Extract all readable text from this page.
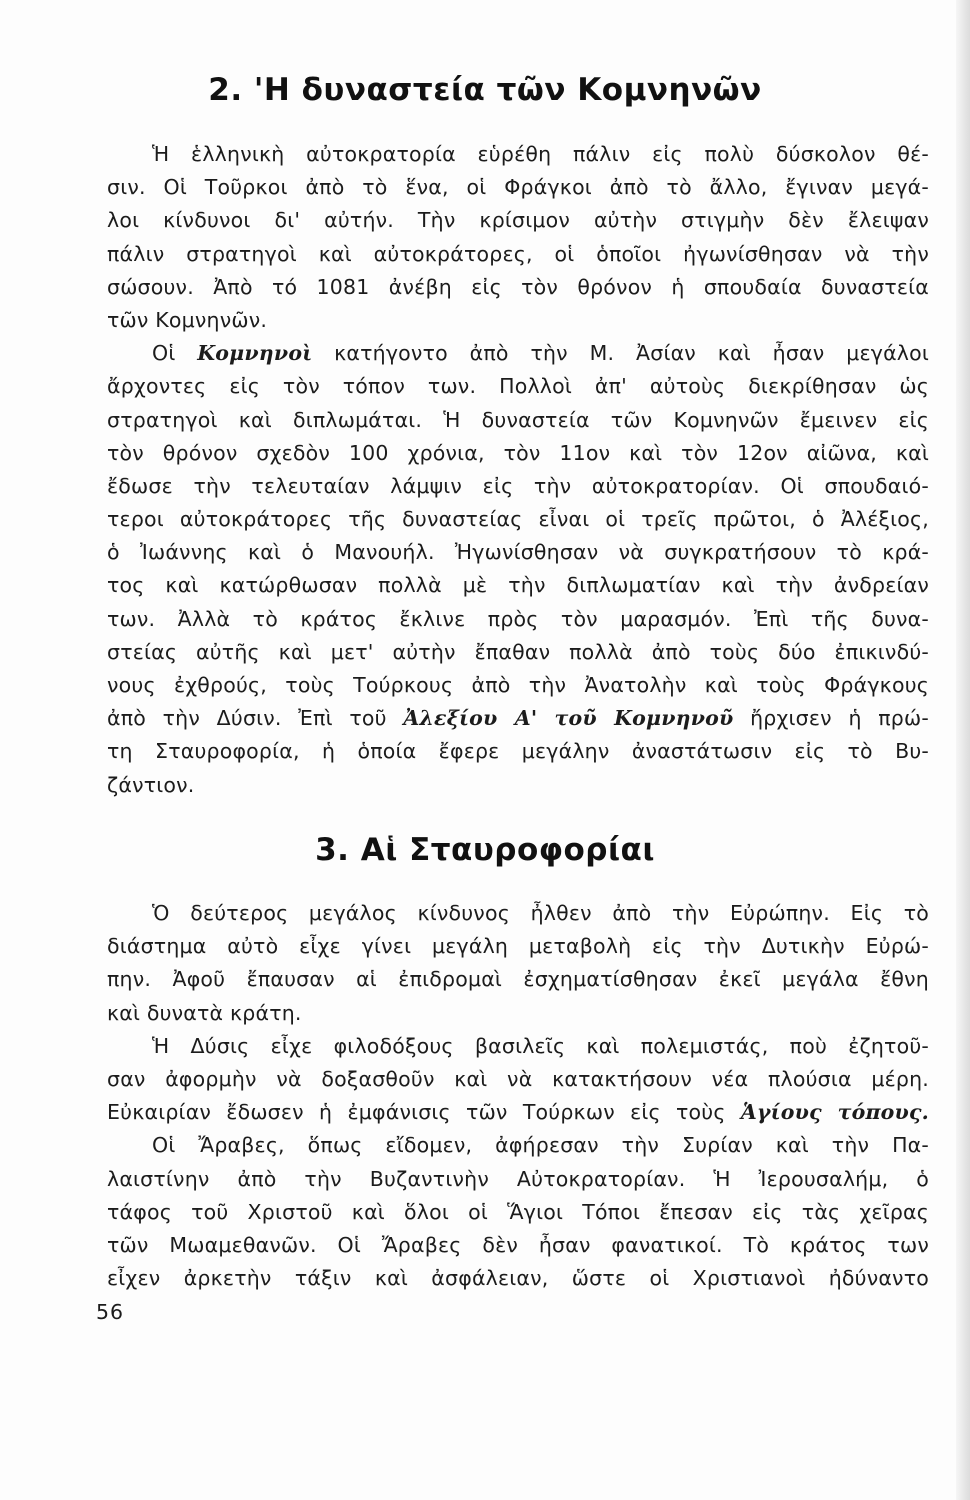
2. 'Η δυναστεία τῶν Κομνηνῶν
Ἡ ἑλληνικὴ αὐτοκρατορία εὑρέθη πάλιν εἰς πολὺ δύσκολον θέ-
σιν. Οἱ Τοῦρκοι ἀπὸ τὸ ἕνα, οἱ Φράγκοι ἀπὸ τὸ ἄλλο, ἔγιναν μεγά-
λοι κίνδυνοι δι' αὐτήν. Τὴν κρίσιμον αὐτὴν στιγμὴν δὲν ἔλειψαν
πάλιν στρατηγοὶ καὶ αὐτοκράτορες, οἱ ὁποῖοι ἠγωνίσθησαν νὰ τὴν
σώσουν. Ἀπὸ τό 1081 ἀνέβη εἰς τὸν θρόνον ἡ σπουδαία δυναστεία
τῶν Κομνηνῶν.
Οἱ Κομνηνοὶ κατήγοντο ἀπὸ τὴν Μ. Ἀσίαν καὶ ἦσαν μεγάλοι
ἄρχοντες εἰς τὸν τόπον των. Πολλοὶ ἀπ' αὐτοὺς διεκρίθησαν ὡς
στρατηγοὶ καὶ διπλωμάται. Ἡ δυναστεία τῶν Κομνηνῶν ἔμεινεν εἰς
τὸν θρόνον σχεδὸν 100 χρόνια, τὸν 11ον καὶ τὸν 12ον αἰῶνα, καὶ
ἔδωσε τὴν τελευταίαν λάμψιν εἰς τὴν αὐτοκρατορίαν. Οἱ σπουδαιό-
τεροι αὐτοκράτορες τῆς δυναστείας εἶναι οἱ τρεῖς πρῶτοι, ὁ Ἀλέξιος,
ὁ Ἰωάννης καὶ ὁ Μανουήλ. Ἠγωνίσθησαν νὰ συγκρατήσουν τὸ κρά-
τος καὶ κατώρθωσαν πολλὰ μὲ τὴν διπλωματίαν καὶ τὴν ἀνδρείαν
των. Ἀλλὰ τὸ κράτος ἔκλινε πρὸς τὸν μαρασμόν. Ἐπὶ τῆς δυνα-
στείας αὐτῆς καὶ μετ' αὐτὴν ἔπαθαν πολλὰ ἀπὸ τοὺς δύο ἐπικινδύ-
νους ἐχθρούς, τοὺς Τούρκους ἀπὸ τὴν Ἀνατολὴν καὶ τοὺς Φράγκους
ἀπὸ τὴν Δύσιν. Ἐπὶ τοῦ Ἀλεξίου Α' τοῦ Κομνηνοῦ ἤρχισεν ἡ πρώ-
τη Σταυροφορία, ἡ ὁποία ἔφερε μεγάλην ἀναστάτωσιν εἰς τὸ Βυ-
ζάντιον.
3. Αἱ Σταυροφορίαι
Ὁ δεύτερος μεγάλος κίνδυνος ἦλθεν ἀπὸ τὴν Εὐρώπην. Εἰς τὸ
διάστημα αὐτὸ εἶχε γίνει μεγάλη μεταβολὴ εἰς τὴν Δυτικὴν Εὐρώ-
πην. Ἀφοῦ ἔπαυσαν αἱ ἐπιδρομαὶ ἐσχηματίσθησαν ἐκεῖ μεγάλα ἔθνη
καὶ δυνατὰ κράτη.
Ἡ Δύσις εἶχε φιλοδόξους βασιλεῖς καὶ πολεμιστάς, ποὺ ἐζητοῦ-
σαν ἀφορμὴν νὰ δοξασθοῦν καὶ νὰ κατακτήσουν νέα πλούσια μέρη.
Εὐκαιρίαν ἔδωσεν ἡ ἐμφάνισις τῶν Τούρκων εἰς τοὺς Ἁγίους τόπους.
Οἱ Ἄραβες, ὅπως εἴδομεν, ἀφήρεσαν τὴν Συρίαν καὶ τὴν Πα-
λαιστίνην ἀπὸ τὴν Βυζαντινὴν Αὐτοκρατορίαν. Ἡ Ἰερουσαλήμ, ὁ
τάφος τοῦ Χριστοῦ καὶ ὅλοι οἱ Ἅγιοι Τόποι ἔπεσαν εἰς τὰς χεῖρας
τῶν Μωαμεθανῶν. Οἱ Ἄραβες δὲν ἦσαν φανατικοί. Τὸ κράτος των
εἶχεν ἀρκετὴν τάξιν καὶ ἀσφάλειαν, ὥστε οἱ Χριστιανοὶ ἠδύναντο
56
